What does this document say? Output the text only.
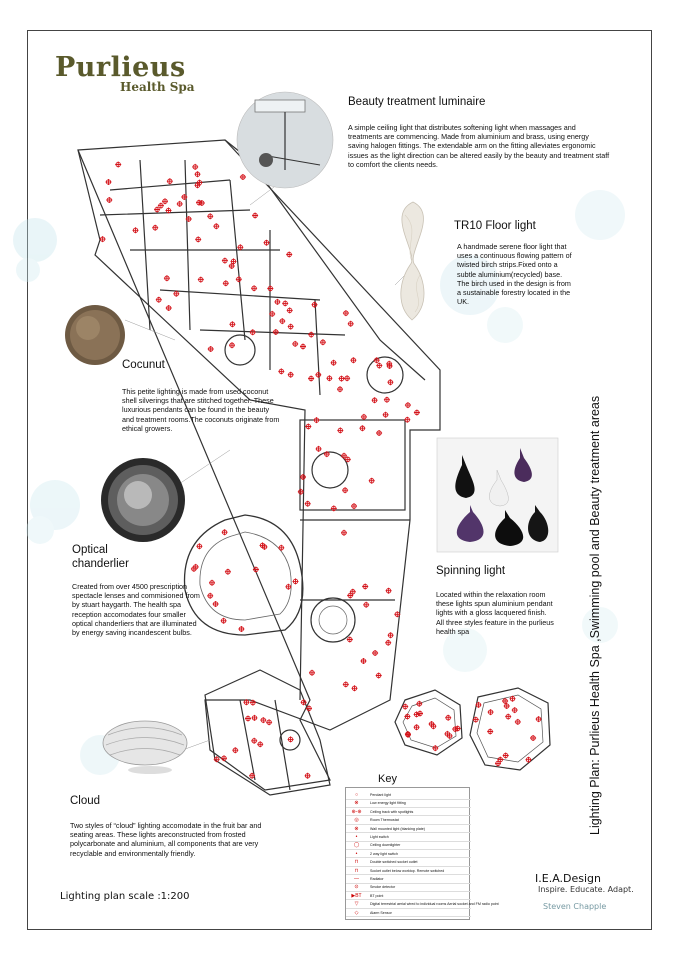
Purlieus
Health Spa
Beauty treatment luminaire
A simple ceiling light that distributes softening light when massages and treatments are commencing. Made from aluminium and brass, using energy saving halogen fittings. The extendable arm on the fitting alleviates ergonomic issues as the light direction can be altered easily by the beauty and treatment staff to comfort the clients needs.
TR10 Floor light
A handmade serene floor light that uses a continuous flowing pattern of twisted birch strips.Fixed onto a subtle aluminium(recycled) base. The birch used in the design is from a sustainable forestry located in the UK.
Cocunut
This petite lighting is made from used coconut shell silverings that are stitched together. These luxurious pendants can be found in the beauty and treatment rooms.The coconuts originate from ethical growers.
Optical
chanderlier
Created from over 4500 prescription spectacle lenses and commisioned from by stuart haygarth. The health spa reception accomodates four smaller optical chanderliers that are illuminated by energy saving incandescent bulbs.
Spinning light
Located within the relaxation room these lights spun aluminium pendant lights with a gloss lacquered finish. All three styles feature in the purlieus health spa
Cloud
Two styles of “cloud” lighting accomodate in the fruit bar and seating areas. These lights areconstructed from frosted polycarbonate and aluminium, all components that are very recyclable and environmentally friendly.
Lighting Plan: Purlieus Health Spa ,Swimming pool and Beauty treatment areas
Key
○	Pendant light
⊗	Low energy light fitting
⊕-⊕	Ceiling track with spotlights
◎	Room Thermostat
⊗	Wall mounted light (blanking plate)
•	Light switch
◯	Ceiling downlighter
•	2 way light switch
⊓	Double switched socket outlet
⊓	Socket outlet below worktop. Remote switched
—	Radiator
⊙	Smoke detector
▶BT	BT point
▽	Digital terrestrial aerial wired to individual rooms Aerial socket and FM radio point
◇	Alarm Sensor
Lighting plan scale :1:200
I.E.A.Design
Inspire. Educate. Adapt.
Steven Chapple
